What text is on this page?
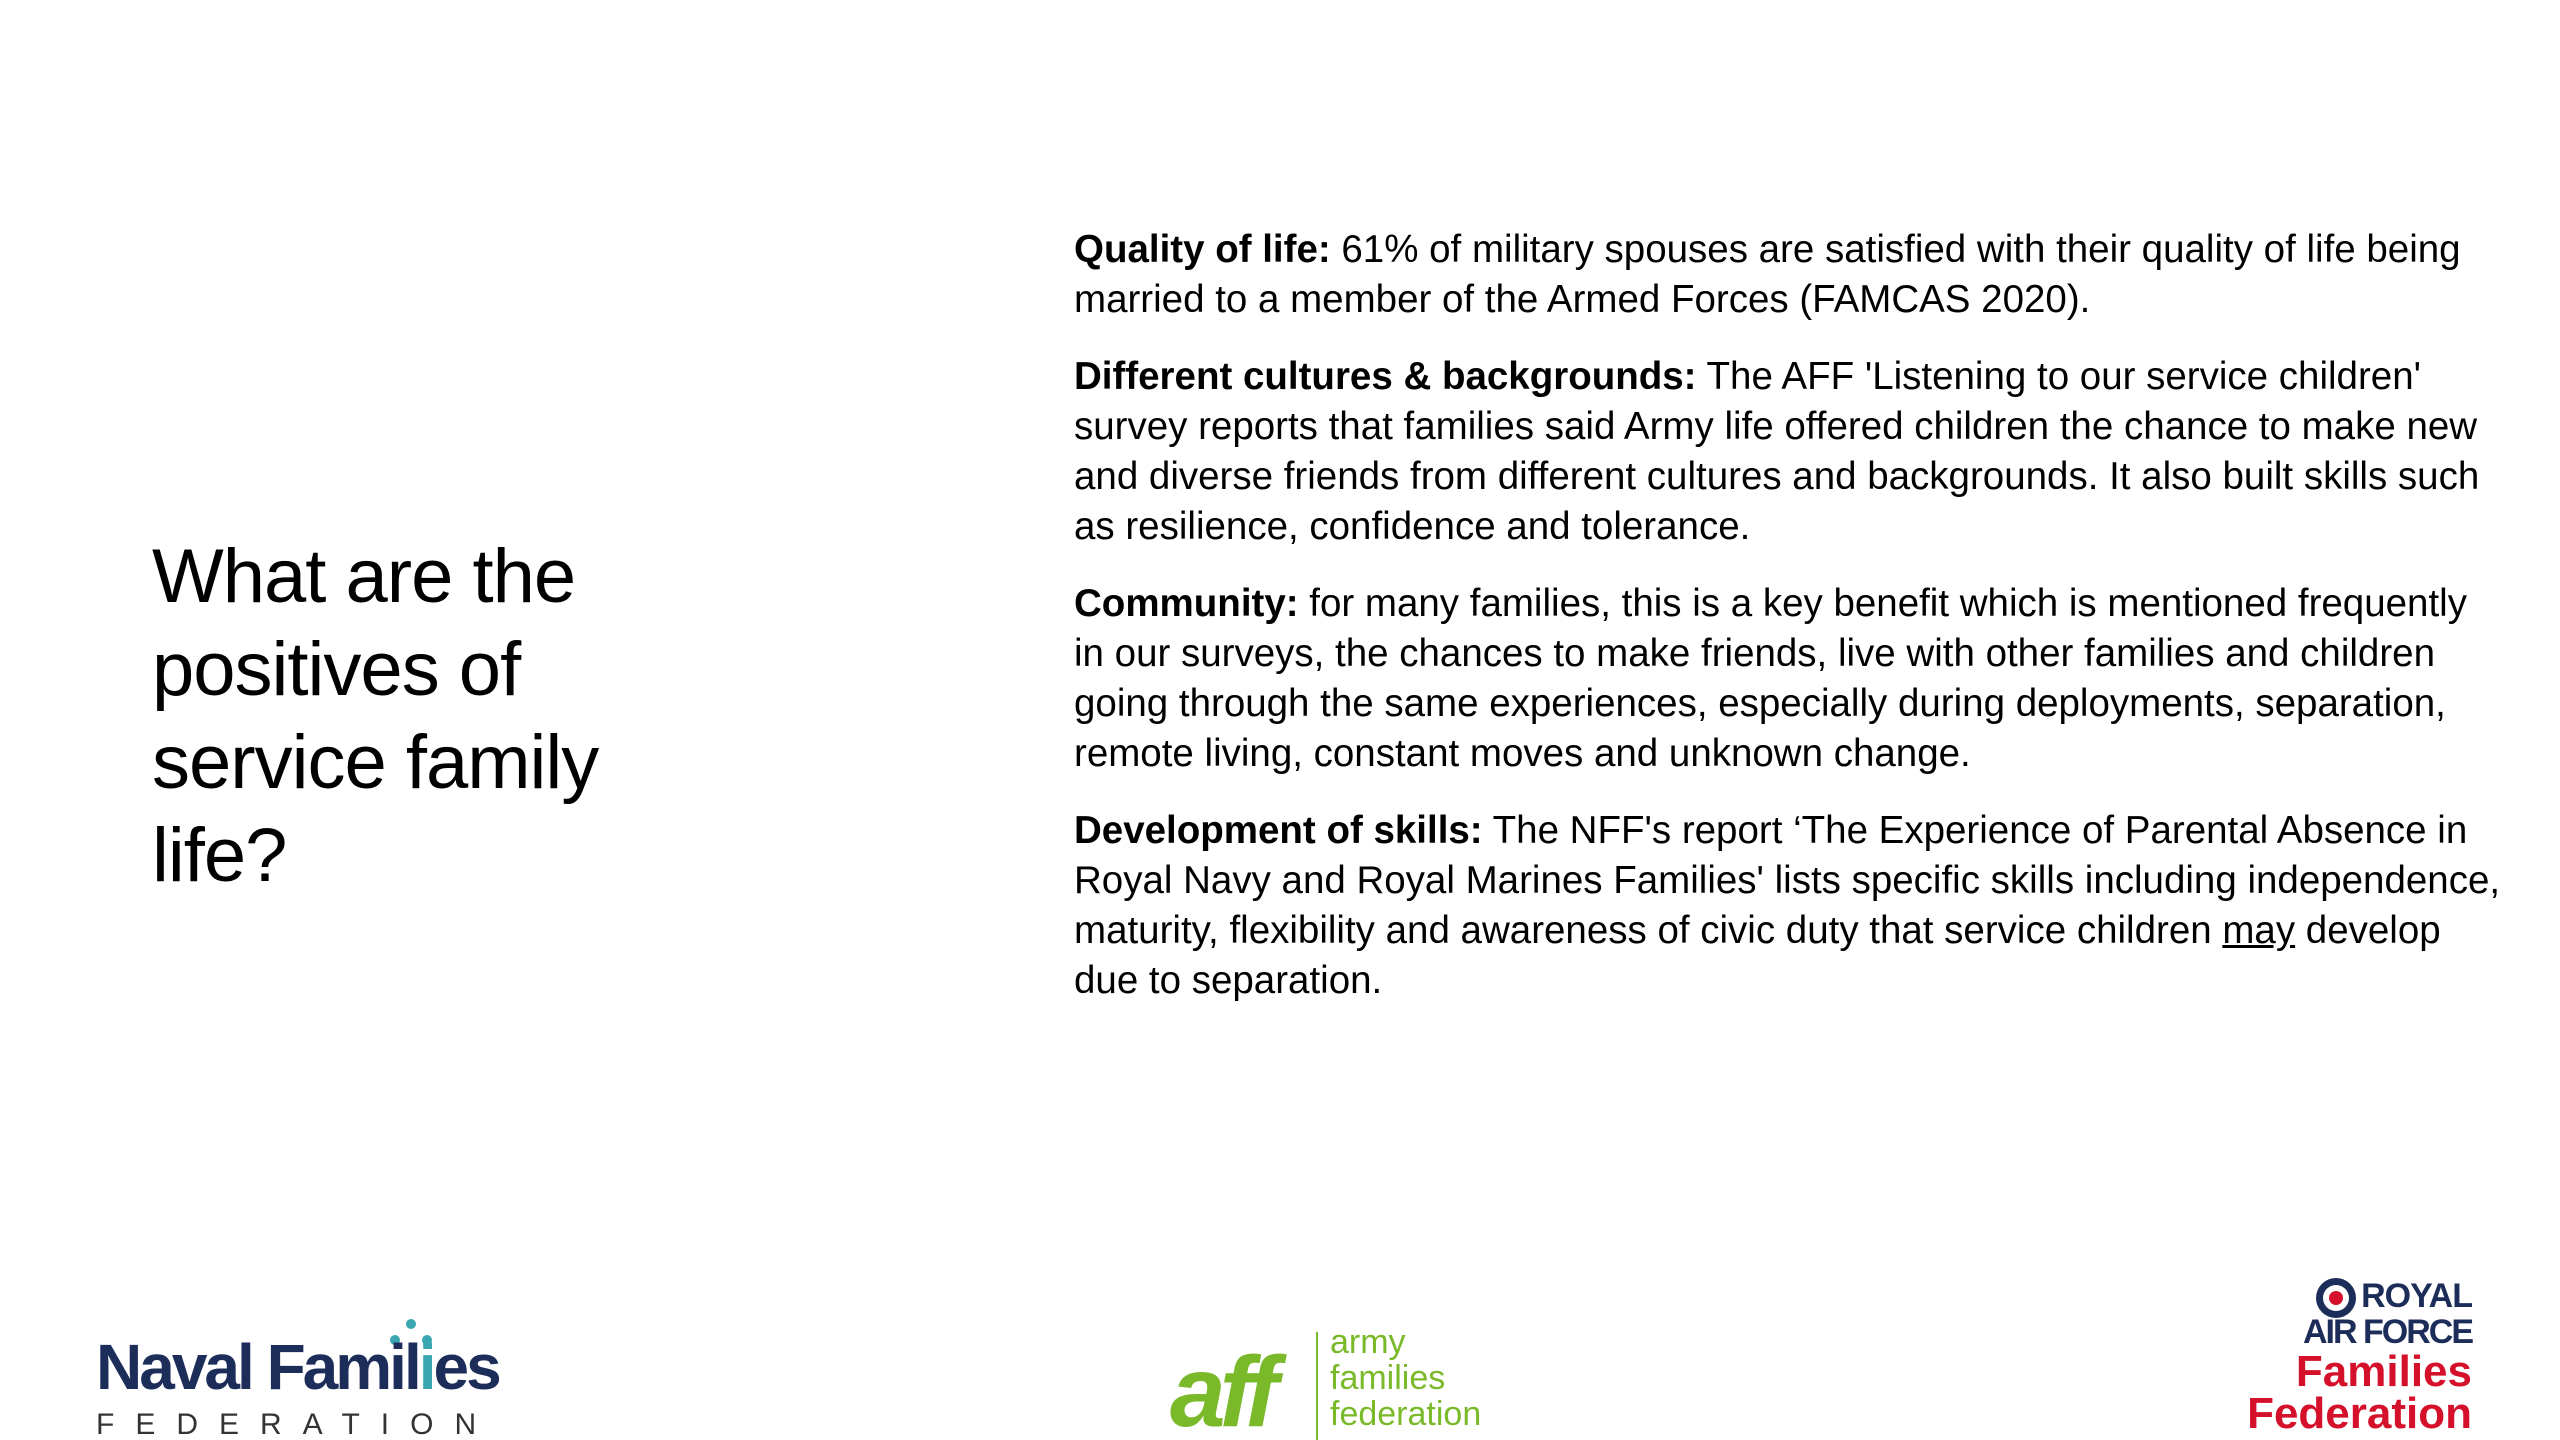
What are the positives of service family life?

Quality of life: 61% of military spouses are satisfied with their quality of life being married to a member of the Armed Forces (FAMCAS 2020).

Different cultures & backgrounds: The AFF 'Listening to our service children' survey reports that families said Army life offered children the chance to make new and diverse friends from different cultures and backgrounds. It also built skills such as resilience, confidence and tolerance.

Community: for many families, this is a key benefit which is mentioned frequently in our surveys, the chances to make friends, live with other families and children going through the same experiences, especially during deployments, separation, remote living, constant moves and unknown change.

Development of skills: The NFF's report ‘The Experience of Parental Absence in Royal Navy and Royal Marines Families' lists specific skills including independence, maturity, flexibility and awareness of civic duty that service children may develop due to separation.

Naval Families
FEDERATION	aff army
families
federation
ROYAL
AIR FORCE
Families
Federation
